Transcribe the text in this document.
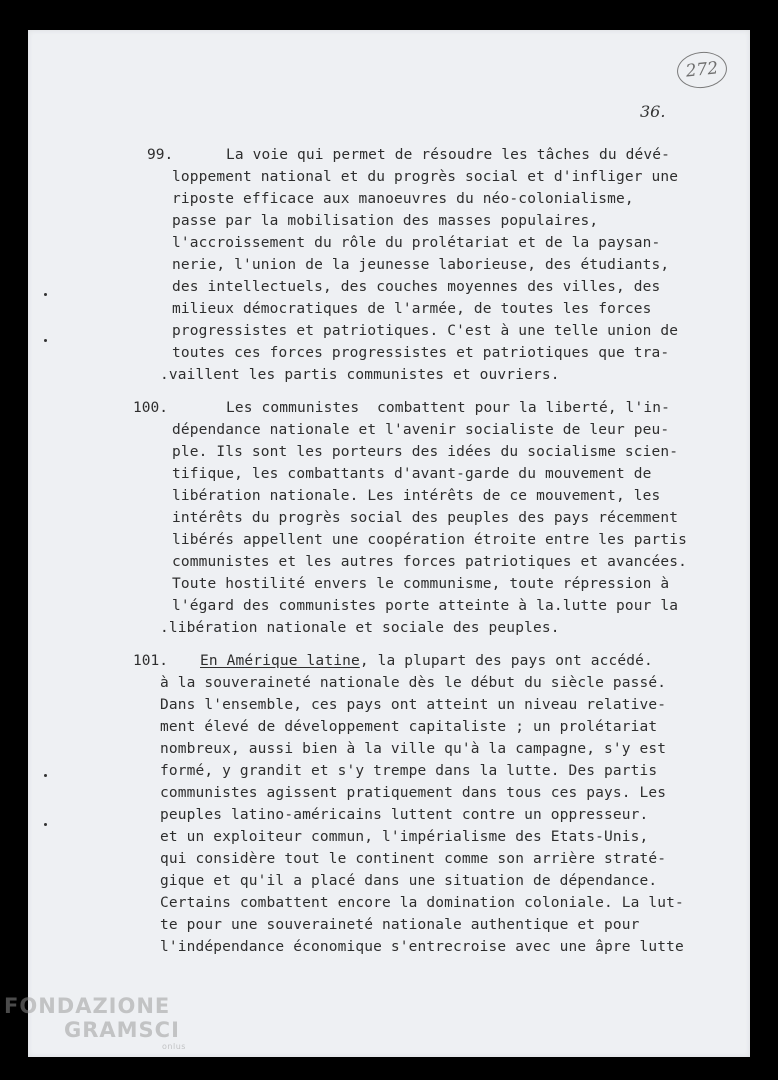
272
36.
99.	La voie qui permet de résoudre les tâches du dévé-
loppement national et du progrès social et d'infliger une
riposte efficace aux manoeuvres du néo-colonialisme,
passe par la mobilisation des masses populaires,
l'accroissement du rôle du prolétariat et de la paysan-
nerie, l'union de la jeunesse laborieuse, des étudiants,
des intellectuels, des couches moyennes des villes, des
milieux démocratiques de l'armée, de toutes les forces
progressistes et patriotiques. C'est à une telle union de
toutes ces forces progressistes et patriotiques que tra-
.vaillent les partis communistes et ouvriers.
100.	Les communistes  combattent pour la liberté, l'in-
dépendance nationale et l'avenir socialiste de leur peu-
ple. Ils sont les porteurs des idées du socialisme scien-
tifique, les combattants d'avant-garde du mouvement de
libération nationale. Les intérêts de ce mouvement, les
intérêts du progrès social des peuples des pays récemment
libérés appellent une coopération étroite entre les partis
communistes et les autres forces patriotiques et avancées.
Toute hostilité envers le communisme, toute répression à
l'égard des communistes porte atteinte à la.lutte pour la
.libération nationale et sociale des peuples.
101. En Amérique latine, la plupart des pays ont accédé.
à la souveraineté nationale dès le début du siècle passé.
Dans l'ensemble, ces pays ont atteint un niveau relative-
ment élevé de développement capitaliste ; un prolétariat
nombreux, aussi bien à la ville qu'à la campagne, s'y est
formé, y grandit et s'y trempe dans la lutte. Des partis
communistes agissent pratiquement dans tous ces pays. Les
peuples latino-américains luttent contre un oppresseur.
et un exploiteur commun, l'impérialisme des Etats-Unis,
qui considère tout le continent comme son arrière straté-
gique et qu'il a placé dans une situation de dépendance.
Certains combattent encore la domination coloniale. La lut-
te pour une souveraineté nationale authentique et pour
l'indépendance économique s'entrecroise avec une âpre lutte
FONDAZIONE
GRAMSCI
onlus
